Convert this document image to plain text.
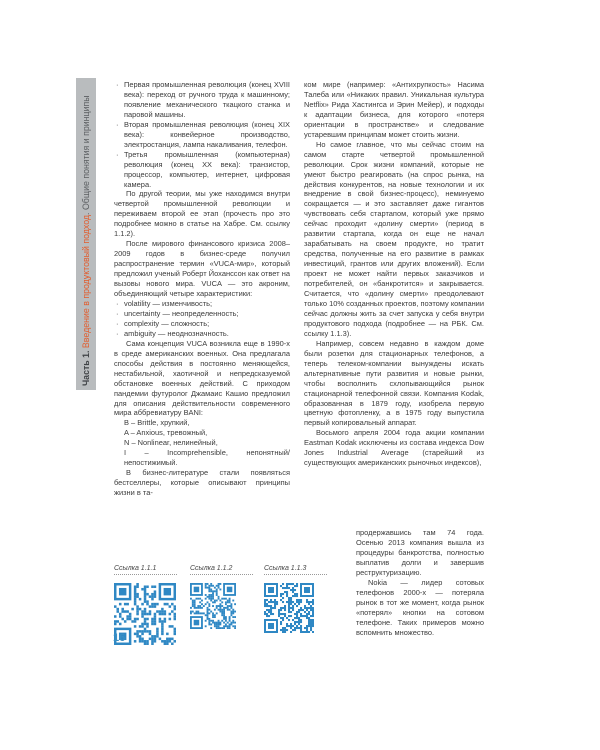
Часть 1. Введение в продуктовый подход. Общие понятия и принципы
· Первая промышленная революция (конец XVIII века): переход от ручного труда к машинному; появление механического ткацкого станка и паровой машины.
· Вторая промышленная революция (конец XIX века): конвейерное производство, электростанция, лампа накаливания, телефон.
· Третья промышленная (компьютерная) революция (конец XX века): транзистор, процессор, компьютер, интернет, цифровая камера.

По другой теории, мы уже находимся внутри четвертой промышленной революции и переживаем второй ее этап (прочесть про это подробнее можно в статье на Хабре. См. ссылку 1.1.2).

После мирового финансового кризиса 2008–2009 годов в бизнес-среде получил распространение термин «VUCA-мир», который предложил ученый Роберт Йоханссон как ответ на вызовы нового мира. VUCA — это акроним, объединяющий четыре характеристики:

· volatility — изменчивость;
· uncertainty — неопределенность;
· complexity — сложность;
· ambiguity — неоднозначность.

Сама концепция VUCA возникла еще в 1990-х в среде американских военных. Она предлагала способы действия в постоянно меняющейся, нестабильной, хаотичной и непредсказуемой обстановке военных действий. С приходом пандемии футуролог Джамаис Кашио предложил для описания действительности современного мира аббревиатуру BANI:

B – Brittle, хрупкий,
A – Anxious, тревожный,
N – Nonlinear, нелинейный,
I – Incomprehensible, непонятный/непостижимый.

В бизнес-литературе стали появляться бестселлеры, которые описывают принципы жизни в та-

ком мире (например: «Антихрупкость» Насима Талеба или «Никаких правил. Уникальная культура Netflix» Рида Хастингса и Эрин Мейер), и подходы к адаптации бизнеса, для которого «потеря ориентации в пространстве» и следование устаревшим принципам может стоить жизни.

Но самое главное, что мы сейчас стоим на самом старте четвертой промышленной революции. Срок жизни компаний, которые не умеют быстро реагировать (на спрос рынка, на действия конкурентов, на новые технологии и их внедрение в свой бизнес-процесс), неминуемо сокращается — и это заставляет даже гигантов чувствовать себя стартапом, который уже прямо сейчас проходит «долину смерти» (период в развитии стартапа, когда он еще не начал зарабатывать на своем продукте, но тратит средства, полученные на его развитие в рамках инвестиций, грантов или других вложений). Если проект не может найти первых заказчиков и потребителей, он «банкротится» и закрывается. Считается, что «долину смерти» преодолевают только 10% созданных проектов, поэтому компании сейчас должны жить за счет запуска у себя внутри продуктового подхода (подробнее — на РБК. См. ссылку 1.1.3).

Например, совсем недавно в каждом доме были розетки для стационарных телефонов, а теперь телеком-компании вынуждены искать альтернативные пути развития и новые рынки, чтобы восполнить схлопывающийся рынок стационарной телефонной связи. Компания Kodak, образованная в 1879 году, изобрела первую цветную фотопленку, а в 1975 году выпустила первый копировальный аппарат.

Восьмого апреля 2004 года акции компании Eastman Kodak исключены из состава индекса Dow Jones Industrial Average (старейший из существующих американских рыночных индексов),

продержавшись там 74 года. Осенью 2013 компания вышла из процедуры банкротства, полностью выплатив долги и завершив реструктуризацию.

Nokia — лидер сотовых телефонов 2000-х — потеряла рынок в тот же момент, когда рынок «потерял» кнопки на сотовом телефоне. Таких примеров можно вспомнить множество.

Ссылка 1.1.1	Ссылка 1.1.2	Ссылка 1.1.3
16
